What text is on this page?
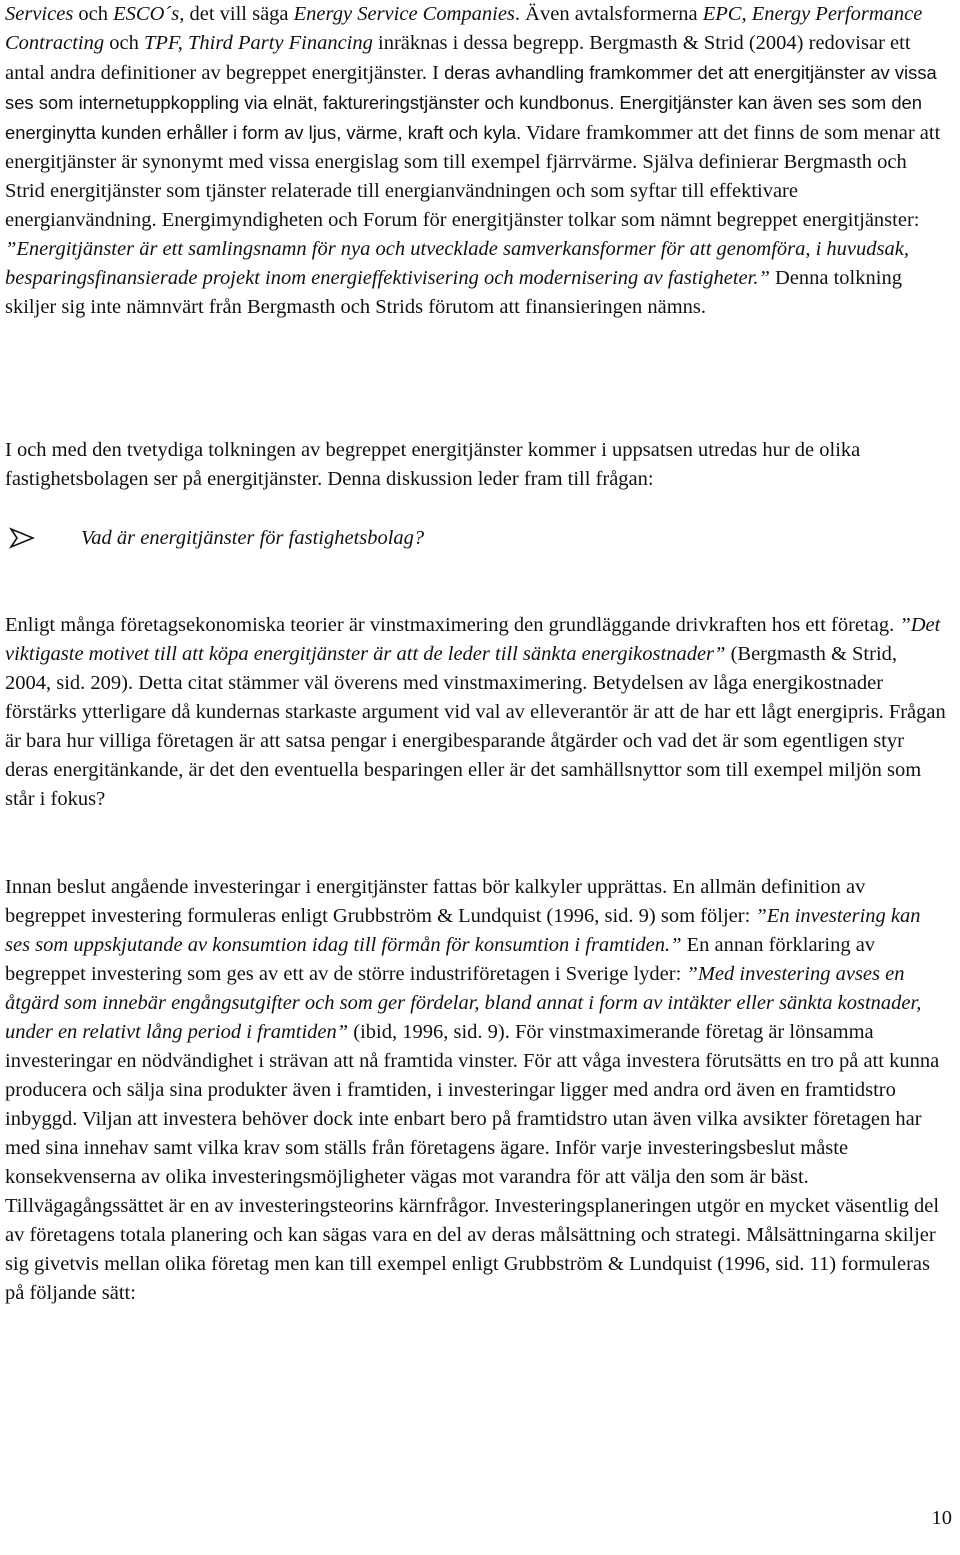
Services och ESCO´s, det vill säga Energy Service Companies. Även avtalsformerna EPC, Energy Performance Contracting och TPF, Third Party Financing inräknas i dessa begrepp. Bergmasth & Strid (2004) redovisar ett antal andra definitioner av begreppet energitjänster. I deras avhandling framkommer det att energitjänster av vissa ses som internetuppkoppling via elnät, faktureringstjänster och kundbonus. Energitjänster kan även ses som den energinytta kunden erhåller i form av ljus, värme, kraft och kyla. Vidare framkommer att det finns de som menar att energitjänster är synonymt med vissa energislag som till exempel fjärrvärme. Själva definierar Bergmasth och Strid energitjänster som tjänster relaterade till energianvändningen och som syftar till effektivare energianvändning. Energimyndigheten och Forum för energitjänster tolkar som nämnt begreppet energitjänster: ”Energitjänster är ett samlingsnamn för nya och utvecklade samverkansformer för att genomföra, i huvudsak, besparingsfinansierade projekt inom energieffektivisering och modernisering av fastigheter.” Denna tolkning skiljer sig inte nämnvärt från Bergmasth och Strids förutom att finansieringen nämns.

I och med den tvetydiga tolkningen av begreppet energitjänster kommer i uppsatsen utredas hur de olika fastighetsbolagen ser på energitjänster. Denna diskussion leder fram till frågan:

Vad är energitjänster för fastighetsbolag?

Enligt många företagsekonomiska teorier är vinstmaximering den grundläggande drivkraften hos ett företag. ”Det viktigaste motivet till att köpa energitjänster är att de leder till sänkta energikostnader” (Bergmasth & Strid, 2004, sid. 209). Detta citat stämmer väl överens med vinstmaximering. Betydelsen av låga energikostnader förstärks ytterligare då kundernas starkaste argument vid val av elleverantör är att de har ett lågt energipris. Frågan är bara hur villiga företagen är att satsa pengar i energibesparande åtgärder och vad det är som egentligen styr deras energitänkande, är det den eventuella besparingen eller är det samhällsnyttor som till exempel miljön som står i fokus?

Innan beslut angående investeringar i energitjänster fattas bör kalkyler upprättas. En allmän definition av begreppet investering formuleras enligt Grubbström & Lundquist (1996, sid. 9) som följer: ”En investering kan ses som uppskjutande av konsumtion idag till förmån för konsumtion i framtiden.” En annan förklaring av begreppet investering som ges av ett av de större industriföretagen i Sverige lyder: ”Med investering avses en åtgärd som innebär engångsutgifter och som ger fördelar, bland annat i form av intäkter eller sänkta kostnader, under en relativt lång period i framtiden” (ibid, 1996, sid. 9). För vinstmaximerande företag är lönsamma investeringar en nödvändighet i strävan att nå framtida vinster. För att våga investera förutsätts en tro på att kunna producera och sälja sina produkter även i framtiden, i investeringar ligger med andra ord även en framtidstro inbyggd. Viljan att investera behöver dock inte enbart bero på framtidstro utan även vilka avsikter företagen har med sina innehav samt vilka krav som ställs från företagens ägare. Inför varje investeringsbeslut måste konsekvenserna av olika investeringsmöjligheter vägas mot varandra för att välja den som är bäst. Tillvägagångssättet är en av investeringsteorins kärnfrågor. Investeringsplaneringen utgör en mycket väsentlig del av företagens totala planering och kan sägas vara en del av deras målsättning och strategi. Målsättningarna skiljer sig givetvis mellan olika företag men kan till exempel enligt Grubbström & Lundquist (1996, sid. 11) formuleras på följande sätt:

10
